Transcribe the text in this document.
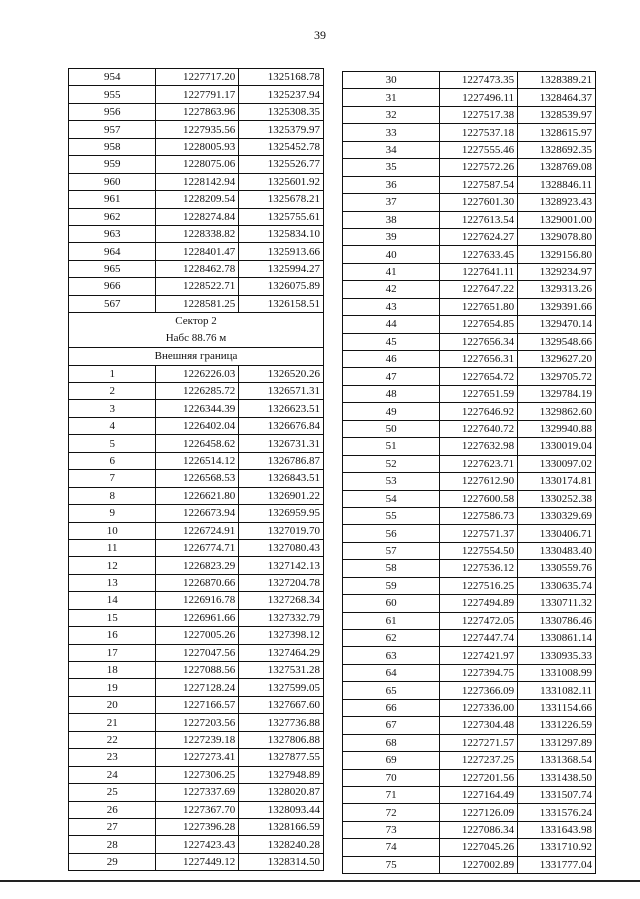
39
954	1227717.20	1325168.78
955	1227791.17	1325237.94
956	1227863.96	1325308.35
957	1227935.56	1325379.97
958	1228005.93	1325452.78
959	1228075.06	1325526.77
960	1228142.94	1325601.92
961	1228209.54	1325678.21
962	1228274.84	1325755.61
963	1228338.82	1325834.10
964	1228401.47	1325913.66
965	1228462.78	1325994.27
966	1228522.71	1326075.89
567	1228581.25	1326158.51

Сектор 2
Набс 88.76 м		

Внешняя граница		
1	1226226.03	1326520.26
2	1226285.72	1326571.31
3	1226344.39	1326623.51
4	1226402.04	1326676.84
5	1226458.62	1326731.31
6	1226514.12	1326786.87
7	1226568.53	1326843.51
8	1226621.80	1326901.22
9	1226673.94	1326959.95
10	1226724.91	1327019.70
11	1226774.71	1327080.43
12	1226823.29	1327142.13
13	1226870.66	1327204.78
14	1226916.78	1327268.34
15	1226961.66	1327332.79
16	1227005.26	1327398.12
17	1227047.56	1327464.29
18	1227088.56	1327531.28
19	1227128.24	1327599.05
20	1227166.57	1327667.60
21	1227203.56	1327736.88
22	1227239.18	1327806.88
23	1227273.41	1327877.55
24	1227306.25	1327948.89
25	1227337.69	1328020.87
26	1227367.70	1328093.44
27	1227396.28	1328166.59
28	1227423.43	1328240.28
29	1227449.12	1328314.50
30	1227473.35	1328389.21
31	1227496.11	1328464.37
32	1227517.38	1328539.97
33	1227537.18	1328615.97
34	1227555.46	1328692.35
35	1227572.26	1328769.08
36	1227587.54	1328846.11
37	1227601.30	1328923.43
38	1227613.54	1329001.00
39	1227624.27	1329078.80
40	1227633.45	1329156.80
41	1227641.11	1329234.97
42	1227647.22	1329313.26
43	1227651.80	1329391.66
44	1227654.85	1329470.14
45	1227656.34	1329548.66
46	1227656.31	1329627.20
47	1227654.72	1329705.72
48	1227651.59	1329784.19
49	1227646.92	1329862.60
50	1227640.72	1329940.88
51	1227632.98	1330019.04
52	1227623.71	1330097.02
53	1227612.90	1330174.81
54	1227600.58	1330252.38
55	1227586.73	1330329.69
56	1227571.37	1330406.71
57	1227554.50	1330483.40
58	1227536.12	1330559.76
59	1227516.25	1330635.74
60	1227494.89	1330711.32
61	1227472.05	1330786.46
62	1227447.74	1330861.14
63	1227421.97	1330935.33
64	1227394.75	1331008.99
65	1227366.09	1331082.11
66	1227336.00	1331154.66
67	1227304.48	1331226.59
68	1227271.57	1331297.89
69	1227237.25	1331368.54
70	1227201.56	1331438.50
71	1227164.49	1331507.74
72	1227126.09	1331576.24
73	1227086.34	1331643.98
74	1227045.26	1331710.92
75	1227002.89	1331777.04
